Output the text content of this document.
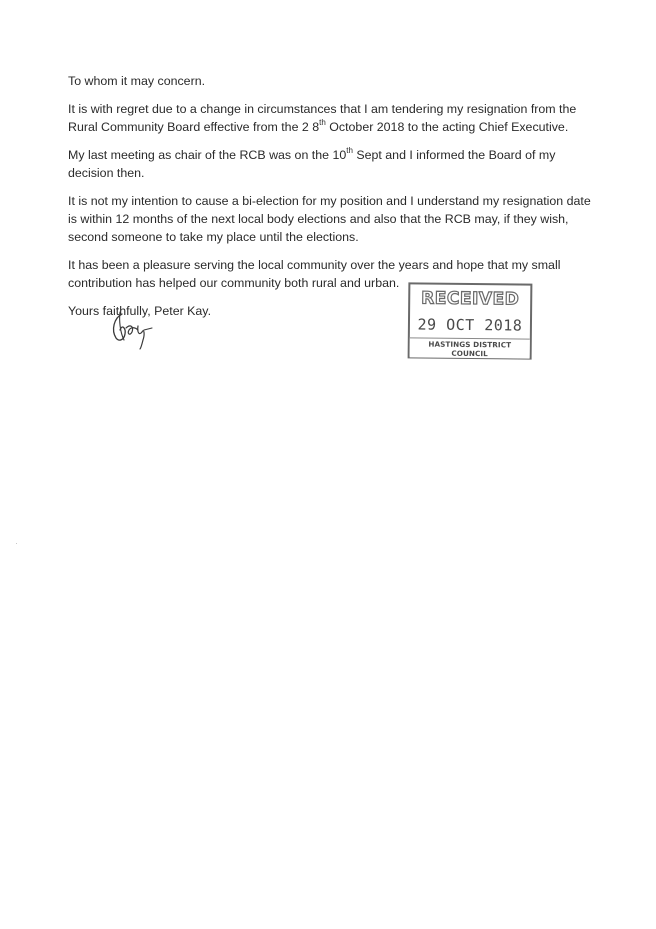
To whom it may concern.

It is with regret due to a change in circumstances that I am tendering my resignation from the Rural Community Board effective from the 2 8th October 2018 to the acting Chief Executive.

My last meeting as chair of the RCB was on the 10th Sept and I informed the Board of my decision then.

It is not my intention to cause a bi-election for my position and I understand my resignation date is within 12 months of the next local body elections and also that the RCB may, if they wish, second someone to take my place until the elections.

It has been a pleasure serving the local community over the years and hope that my small contribution has helped our community both rural and urban.

Yours faithfully, Peter Kay.

RECEIVED
29 OCT 2018
HASTINGS DISTRICT COUNCIL
